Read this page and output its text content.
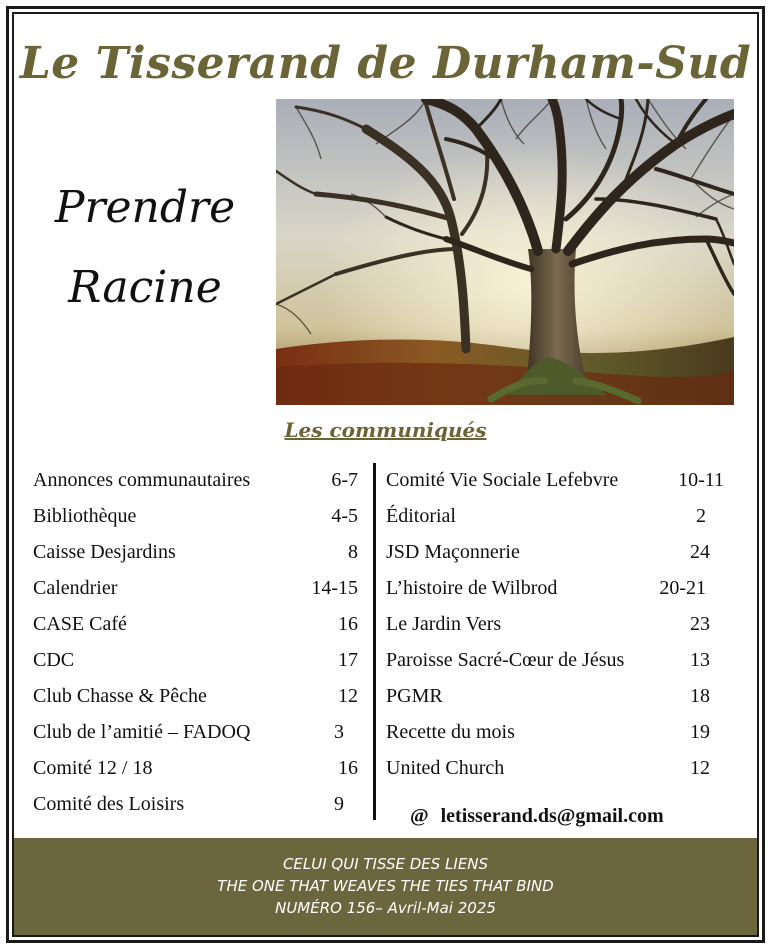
Le Tisserand de Durham-Sud
Prendre
Racine
Les communiqués
Annonces communautaires	6-7
Bibliothèque	4-5
Caisse Desjardins	8
Calendrier	14-15
CASE Café	16
CDC	17
Club Chasse & Pêche	12
Club de l’amitié – FADOQ	3
Comité 12 / 18	16
Comité des Loisirs	9
Comité Vie Sociale Lefebvre	10-11
Éditorial	2
JSD Maçonnerie	24
L’histoire de Wilbrod	20-21
Le Jardin Vers	23
Paroisse Sacré-Cœur de Jésus	13
PGMR	18
Recette du mois	19
United Church	12
@ letisserand.ds@gmail.com
CELUI QUI TISSE DES LIENS
THE ONE THAT WEAVES THE TIES THAT BIND
NUMÉRO 156– Avril-Mai 2025
